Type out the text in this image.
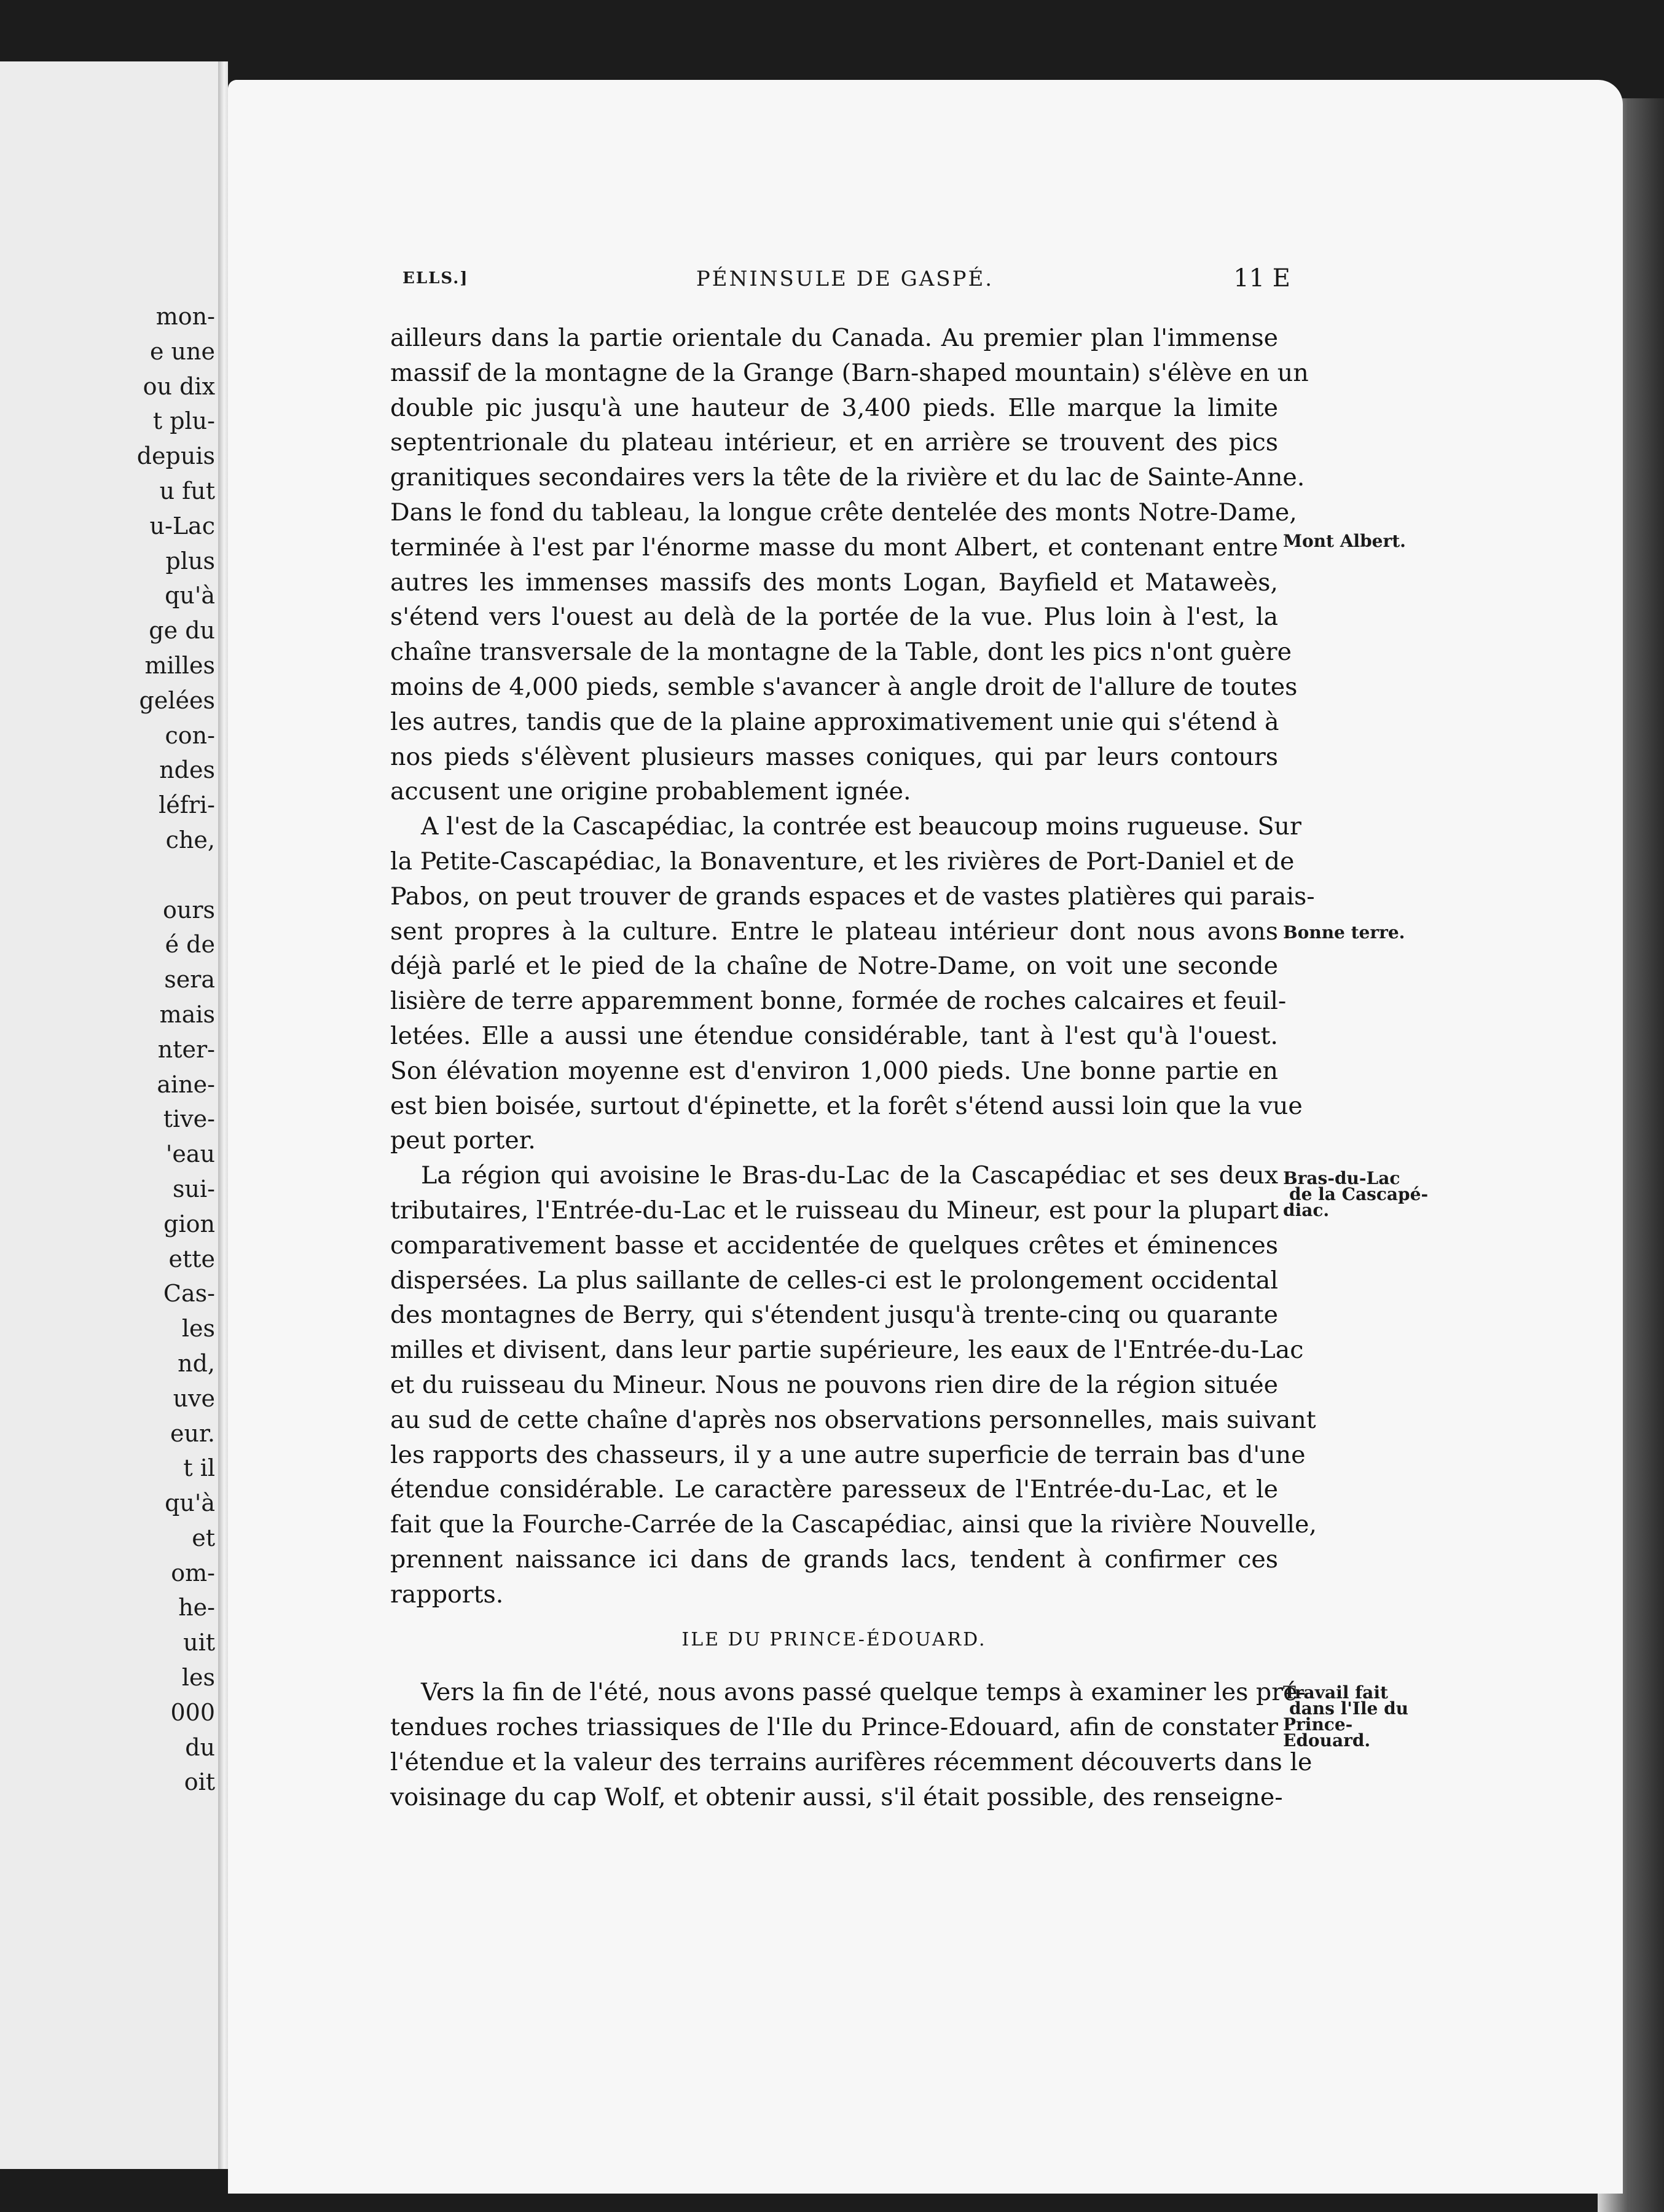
mon-
e une
ou dix
t plu-
depuis
u fut
u-Lac
plus
qu'à
ge du
milles
gelées
con-
ndes
léfri-
che,
ours
é de
sera
mais
nter-
aine-
tive-
'eau
sui-
gion
ette
Cas-
les
nd,
uve
eur.
t il
qu'à
et
om-
he-
uit
les
000
du
oit
ELLS.]	PÉNINSULE DE GASPÉ.	11 E
ailleurs dans la partie orientale du Canada. Au premier plan l'immense
massif de la montagne de la Grange (Barn-shaped mountain) s'élève en un
double pic jusqu'à une hauteur de 3,400 pieds. Elle marque la limite
septentrionale du plateau intérieur, et en arrière se trouvent des pics
granitiques secondaires vers la tête de la rivière et du lac de Sainte-Anne.
Dans le fond du tableau, la longue crête dentelée des monts Notre-Dame,
terminée à l'est par l'énorme masse du mont Albert, et contenant entre
autres les immenses massifs des monts Logan, Bayfield et Mataweès,
s'étend vers l'ouest au delà de la portée de la vue. Plus loin à l'est, la
chaîne transversale de la montagne de la Table, dont les pics n'ont guère
moins de 4,000 pieds, semble s'avancer à angle droit de l'allure de toutes
les autres, tandis que de la plaine approximativement unie qui s'étend à
nos pieds s'élèvent plusieurs masses coniques, qui par leurs contours
accusent une origine probablement ignée.
A l'est de la Cascapédiac, la contrée est beaucoup moins rugueuse. Sur
la Petite-Cascapédiac, la Bonaventure, et les rivières de Port-Daniel et de
Pabos, on peut trouver de grands espaces et de vastes platières qui parais-
sent propres à la culture. Entre le plateau intérieur dont nous avons
déjà parlé et le pied de la chaîne de Notre-Dame, on voit une seconde
lisière de terre apparemment bonne, formée de roches calcaires et feuil-
letées. Elle a aussi une étendue considérable, tant à l'est qu'à l'ouest.
Son élévation moyenne est d'environ 1,000 pieds. Une bonne partie en
est bien boisée, surtout d'épinette, et la forêt s'étend aussi loin que la vue
peut porter.
La région qui avoisine le Bras-du-Lac de la Cascapédiac et ses deux
tributaires, l'Entrée-du-Lac et le ruisseau du Mineur, est pour la plupart
comparativement basse et accidentée de quelques crêtes et éminences
dispersées. La plus saillante de celles-ci est le prolongement occidental
des montagnes de Berry, qui s'étendent jusqu'à trente-cinq ou quarante
milles et divisent, dans leur partie supérieure, les eaux de l'Entrée-du-Lac
et du ruisseau du Mineur. Nous ne pouvons rien dire de la région située
au sud de cette chaîne d'après nos observations personnelles, mais suivant
les rapports des chasseurs, il y a une autre superficie de terrain bas d'une
étendue considérable. Le caractère paresseux de l'Entrée-du-Lac, et le
fait que la Fourche-Carrée de la Cascapédiac, ainsi que la rivière Nouvelle,
prennent naissance ici dans de grands lacs, tendent à confirmer ces
rapports.
ILE DU PRINCE-ÉDOUARD.
Vers la fin de l'été, nous avons passé quelque temps à examiner les pré-
tendues roches triassiques de l'Ile du Prince-Edouard, afin de constater
l'étendue et la valeur des terrains aurifères récemment découverts dans le
voisinage du cap Wolf, et obtenir aussi, s'il était possible, des renseigne-
Mont Albert.
Bonne terre.
Bras-du-Lac
de la Cascapé-
diac.
Travail fait
dans l'Ile du
Prince-
Edouard.
